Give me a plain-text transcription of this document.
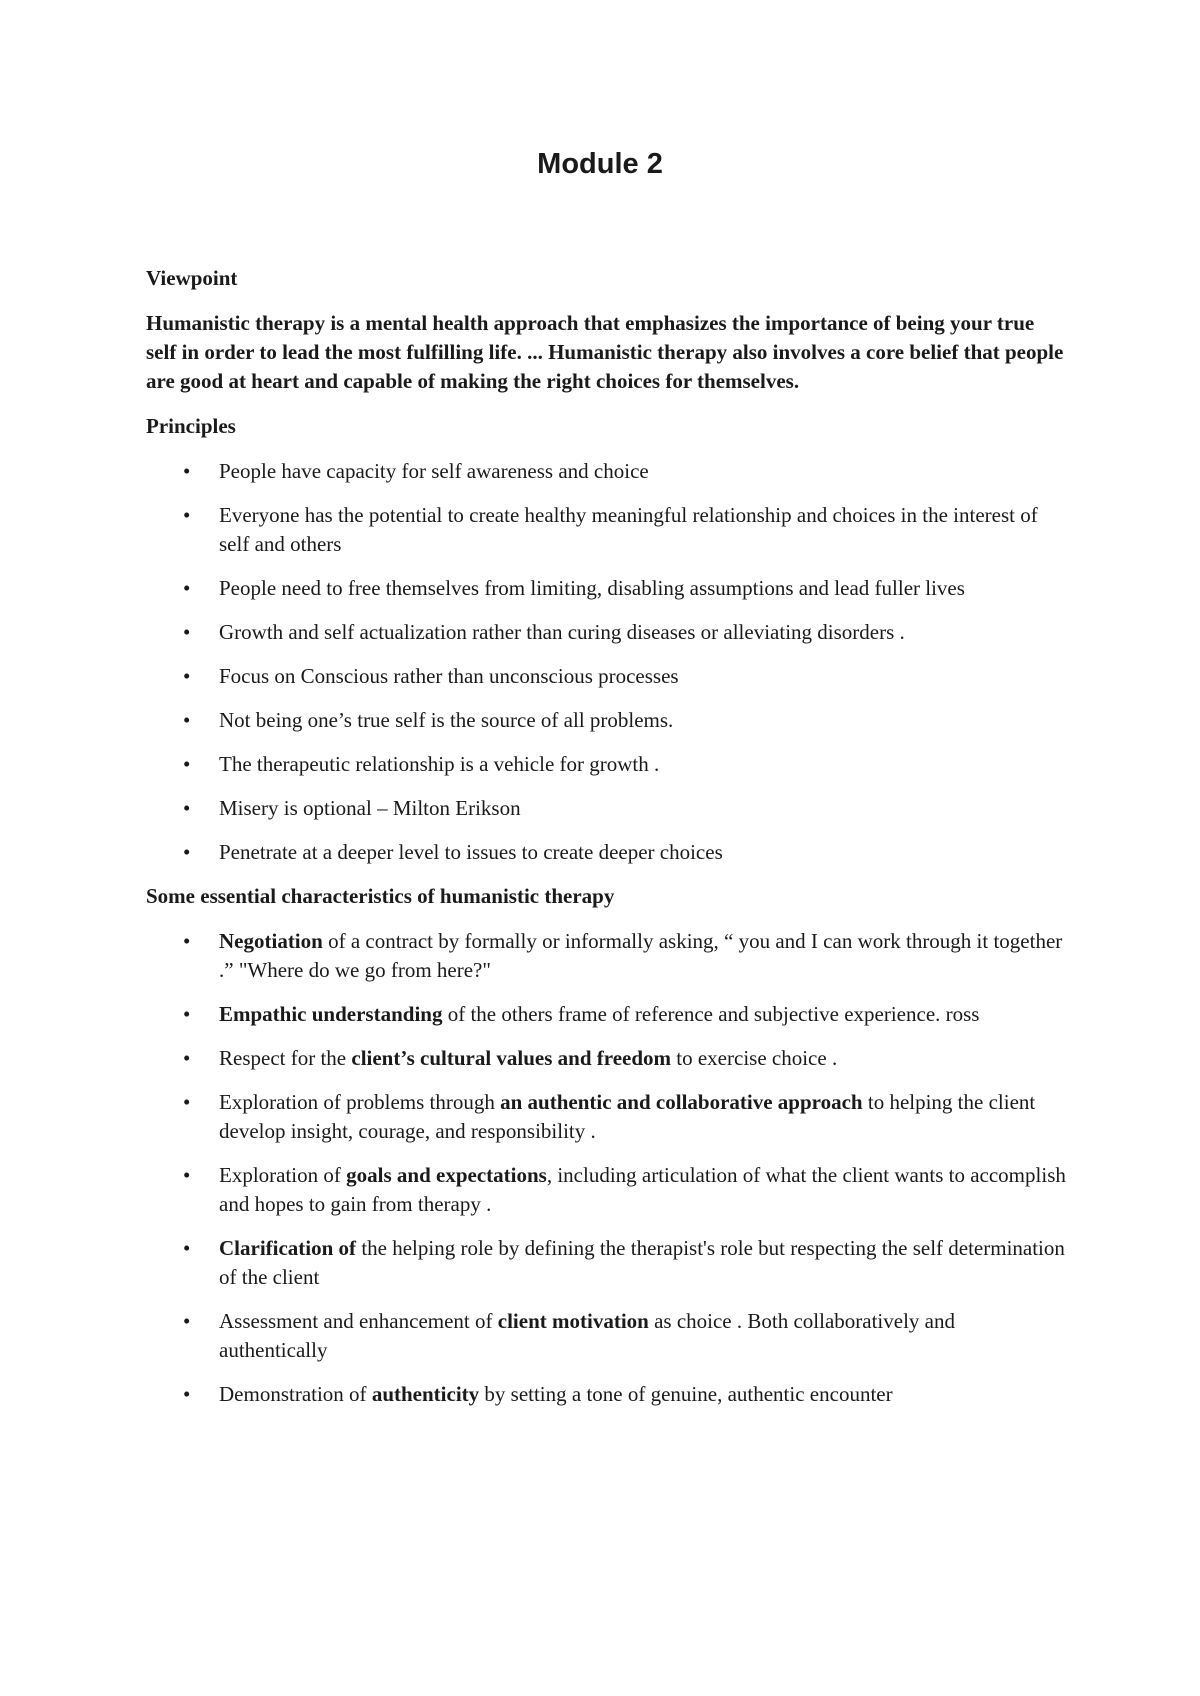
Module 2

Viewpoint

Humanistic therapy is a mental health approach that emphasizes the importance of being your true self in order to lead the most fulfilling life. ... Humanistic therapy also involves a core belief that people are good at heart and capable of making the right choices for themselves.

Principles

• People have capacity for self awareness and choice
• Everyone has the potential to create healthy meaningful relationship and choices in the interest of self and others
• People need to free themselves from limiting, disabling assumptions and lead fuller lives
• Growth and self actualization rather than curing diseases or alleviating disorders .
• Focus on Conscious rather than unconscious processes
• Not being one’s true self is the source of all problems.
• The therapeutic relationship is a vehicle for growth .
• Misery is optional – Milton Erikson
• Penetrate at a deeper level to issues to create deeper choices

Some essential characteristics of humanistic therapy

• Negotiation of a contract by formally or informally asking, “ you and I can work through it together .” "Where do we go from here?"
• Empathic understanding of the others frame of reference and subjective experience. ross
• Respect for the client’s cultural values and freedom to exercise choice .
• Exploration of problems through an authentic and collaborative approach to helping the client develop insight, courage, and responsibility .
• Exploration of goals and expectations, including articulation of what the client wants to accomplish and hopes to gain from therapy .
• Clarification of the helping role by defining the therapist's role but respecting the self determination of the client
• Assessment and enhancement of client motivation as choice . Both collaboratively and authentically
• Demonstration of authenticity by setting a tone of genuine, authentic encounter
